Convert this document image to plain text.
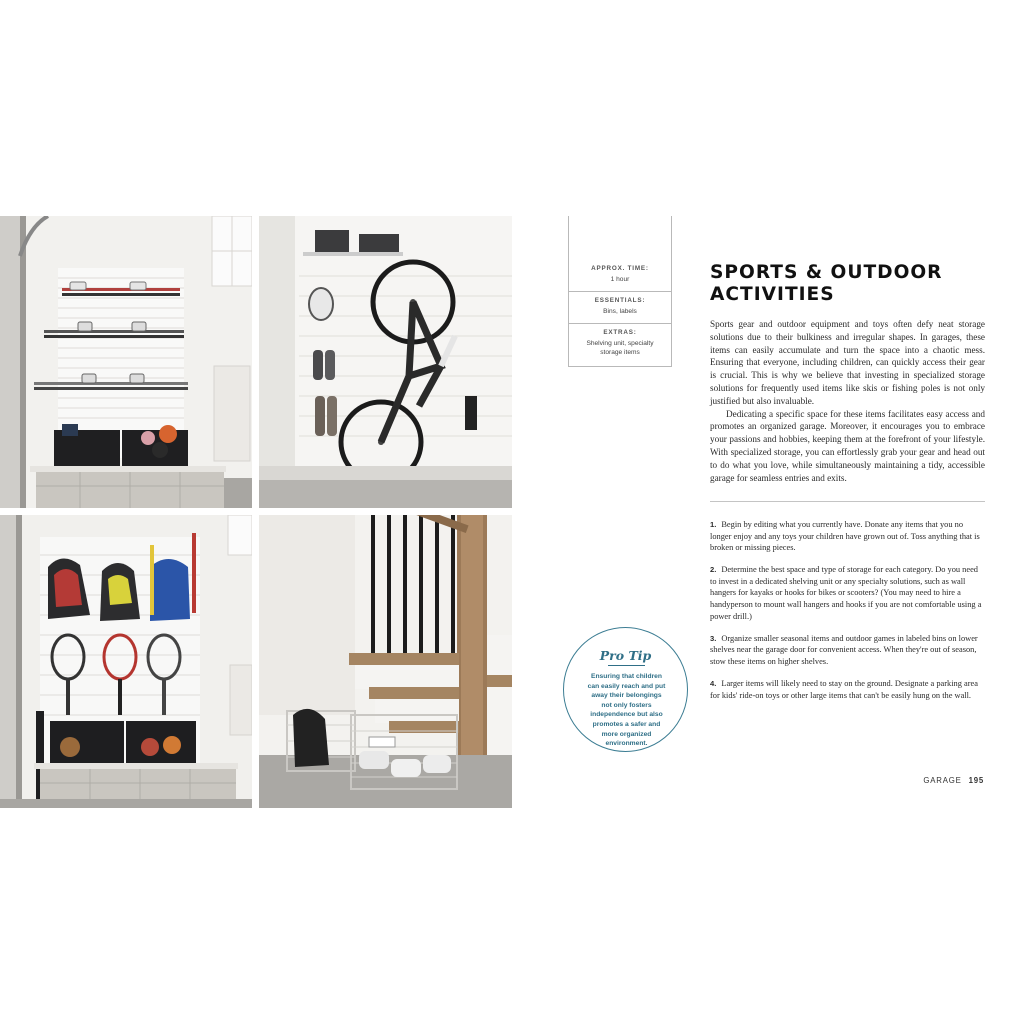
APPROX. TIME:
1 hour
ESSENTIALS:
Bins, labels
EXTRAS:
Shelving unit, specialty storage items
SPORTS & OUTDOOR
ACTIVITIES

Sports gear and outdoor equipment and toys often defy neat storage solutions due to their bulkiness and irregular shapes. In garages, these items can easily accumulate and turn the space into a chaotic mess. Ensuring that everyone, including children, can quickly access their gear is crucial. This is why we believe that investing in specialized storage solutions for frequently used items like skis or fishing poles is not only justified but also invaluable.

Dedicating a specific space for these items facilitates easy access and promotes an organized garage. Moreover, it encourages you to embrace your passions and hobbies, keeping them at the forefront of your lifestyle. With specialized storage, you can effortlessly grab your gear and head out to do what you love, while simultaneously maintaining a tidy, accessible garage for seamless entries and exits.

1. Begin by editing what you currently have. Donate any items that you no longer enjoy and any toys your children have grown out of. Toss anything that is broken or missing pieces.
2. Determine the best space and type of storage for each category. Do you need to invest in a dedicated shelving unit or any specialty solutions, such as wall hangers for kayaks or hooks for bikes or scooters? (You may need to hire a handyperson to mount wall hangers and hooks if you are not comfortable using a power drill.)
3. Organize smaller seasonal items and outdoor games in labeled bins on lower shelves near the garage door for convenient access. When they're out of season, stow these items on higher shelves.
4. Larger items will likely need to stay on the ground. Designate a parking area for kids' ride-on toys or other large items that can't be easily hung on the wall.
Pro Tip
Ensuring that children can easily reach and put away their belongings not only fosters independence but also promotes a safer and more organized environment.
GARAGE 195
